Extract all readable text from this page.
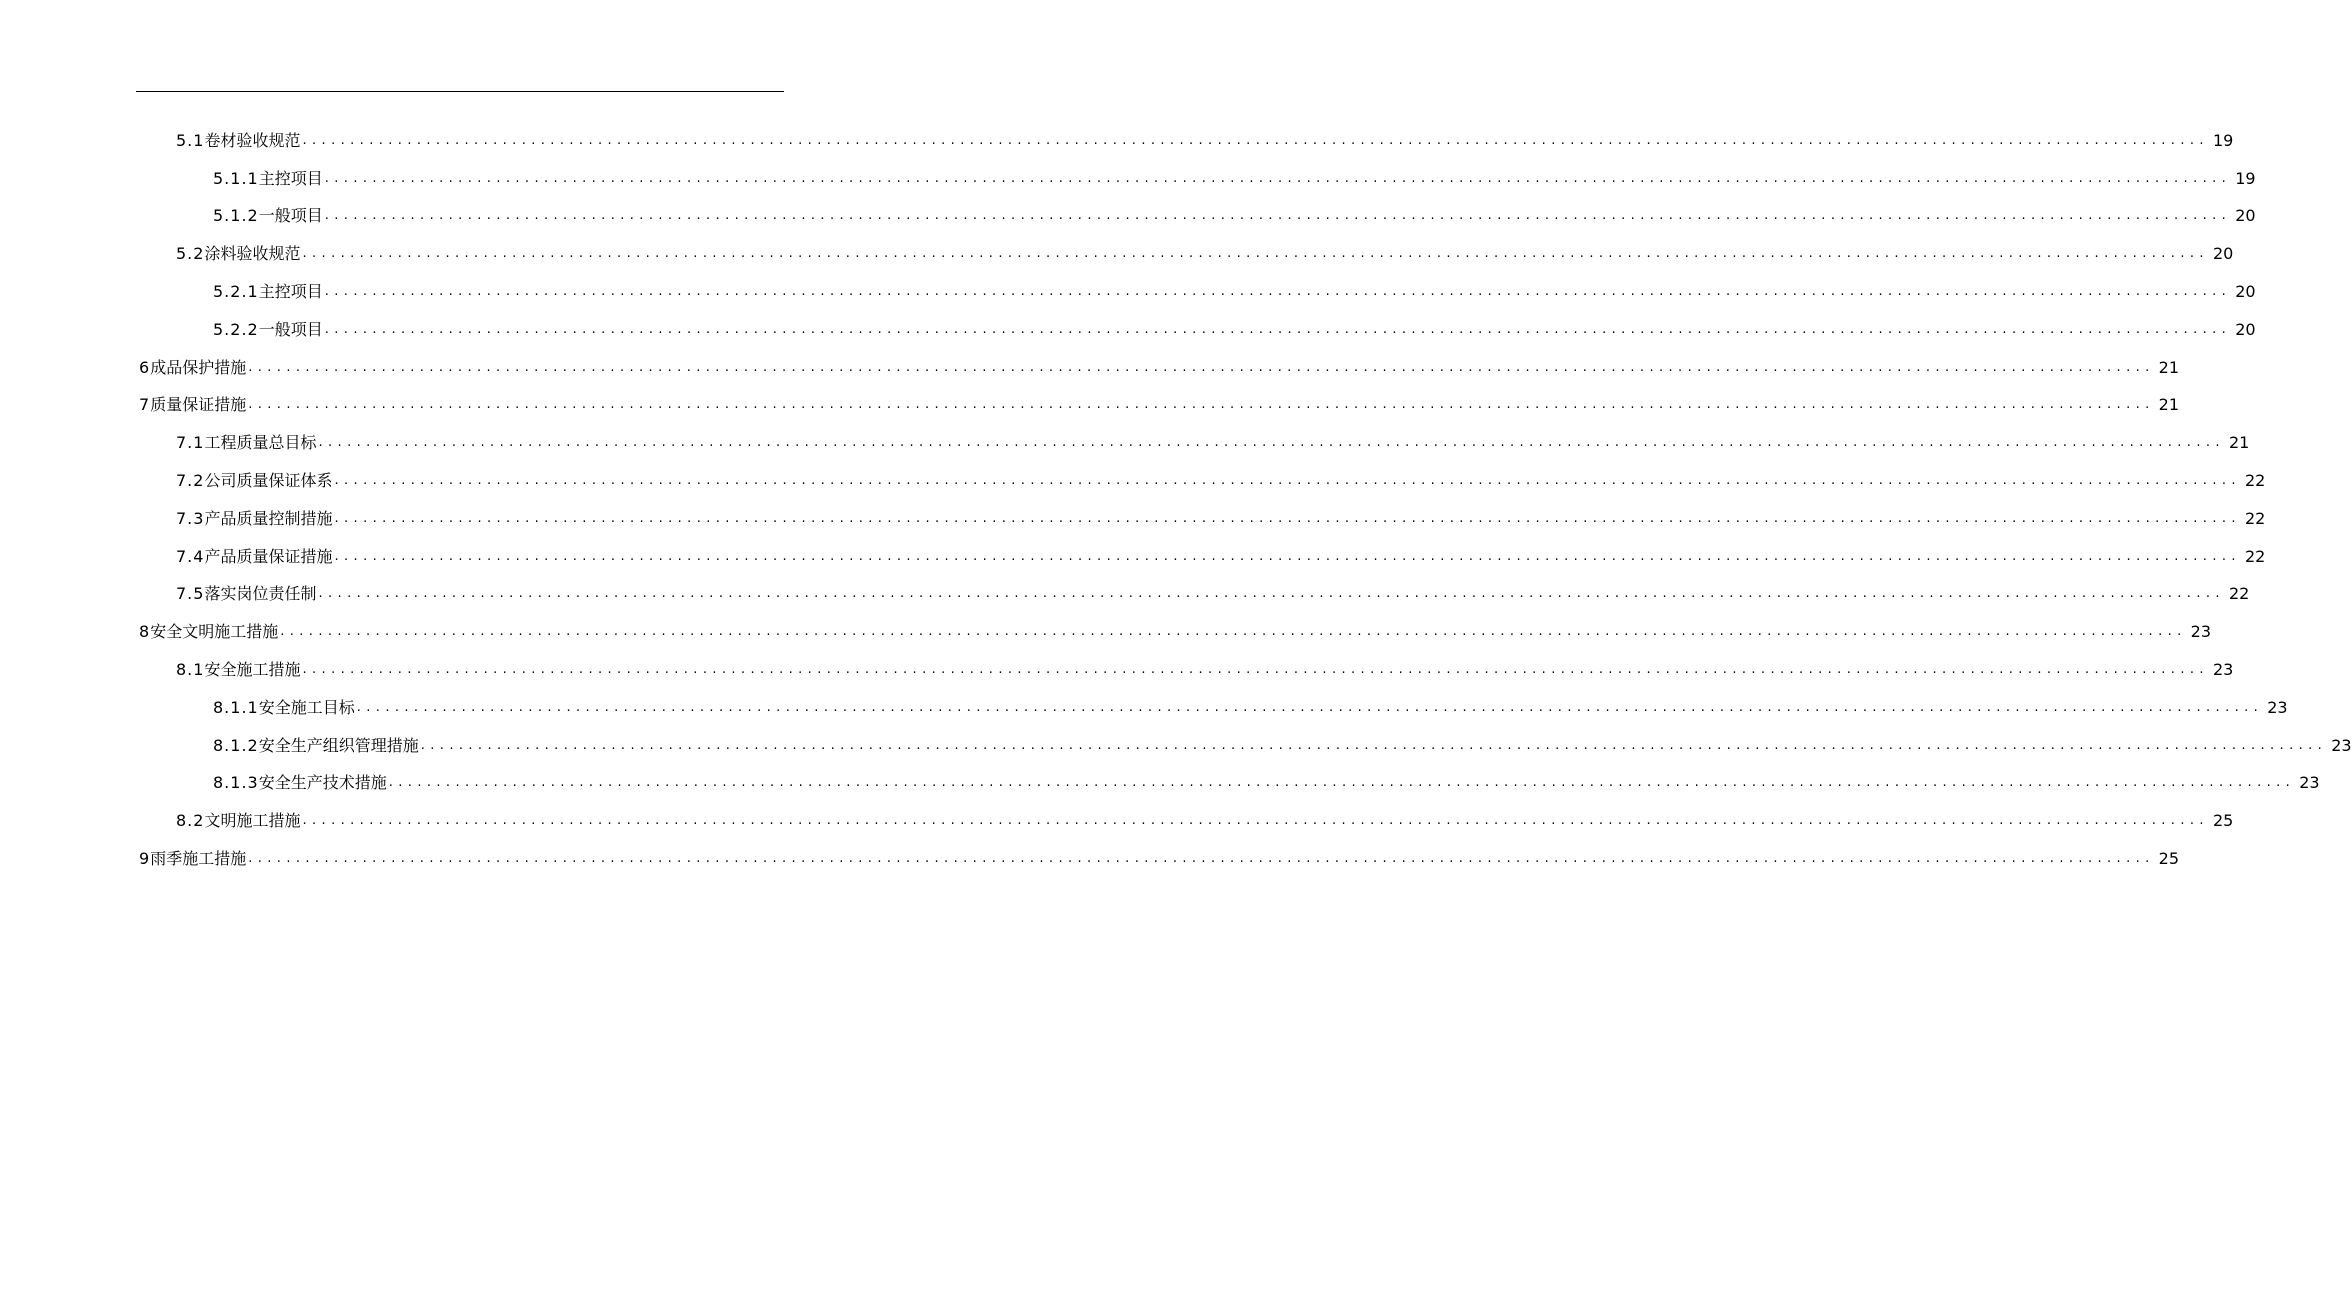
5.1 卷材验收规范 ........................................................................................................................................................................................................ 19
5.1.1 主控项目 ........................................................................................................................................................................................................ 19
5.1.2 一般项目 ........................................................................................................................................................................................................ 20
5.2 涂料验收规范 ........................................................................................................................................................................................................ 20
5.2.1 主控项目 ........................................................................................................................................................................................................ 20
5.2.2 一般项目 ........................................................................................................................................................................................................ 20
6 成品保护措施 ........................................................................................................................................................................................................ 21
7 质量保证措施 ........................................................................................................................................................................................................ 21
7.1 工程质量总目标 ........................................................................................................................................................................................................ 21
7.2 公司质量保证体系 ........................................................................................................................................................................................................ 22
7.3 产品质量控制措施 ........................................................................................................................................................................................................ 22
7.4 产品质量保证措施 ........................................................................................................................................................................................................ 22
7.5 落实岗位责任制 ........................................................................................................................................................................................................ 22
8 安全文明施工措施 ........................................................................................................................................................................................................ 23
8.1 安全施工措施 ........................................................................................................................................................................................................ 23
8.1.1 安全施工目标 ........................................................................................................................................................................................................ 23
8.1.2 安全生产组织管理措施 ........................................................................................................................................................................................................ 23
8.1.3 安全生产技术措施 ........................................................................................................................................................................................................ 23
8.2 文明施工措施 ........................................................................................................................................................................................................ 25
9 雨季施工措施 ........................................................................................................................................................................................................ 25
